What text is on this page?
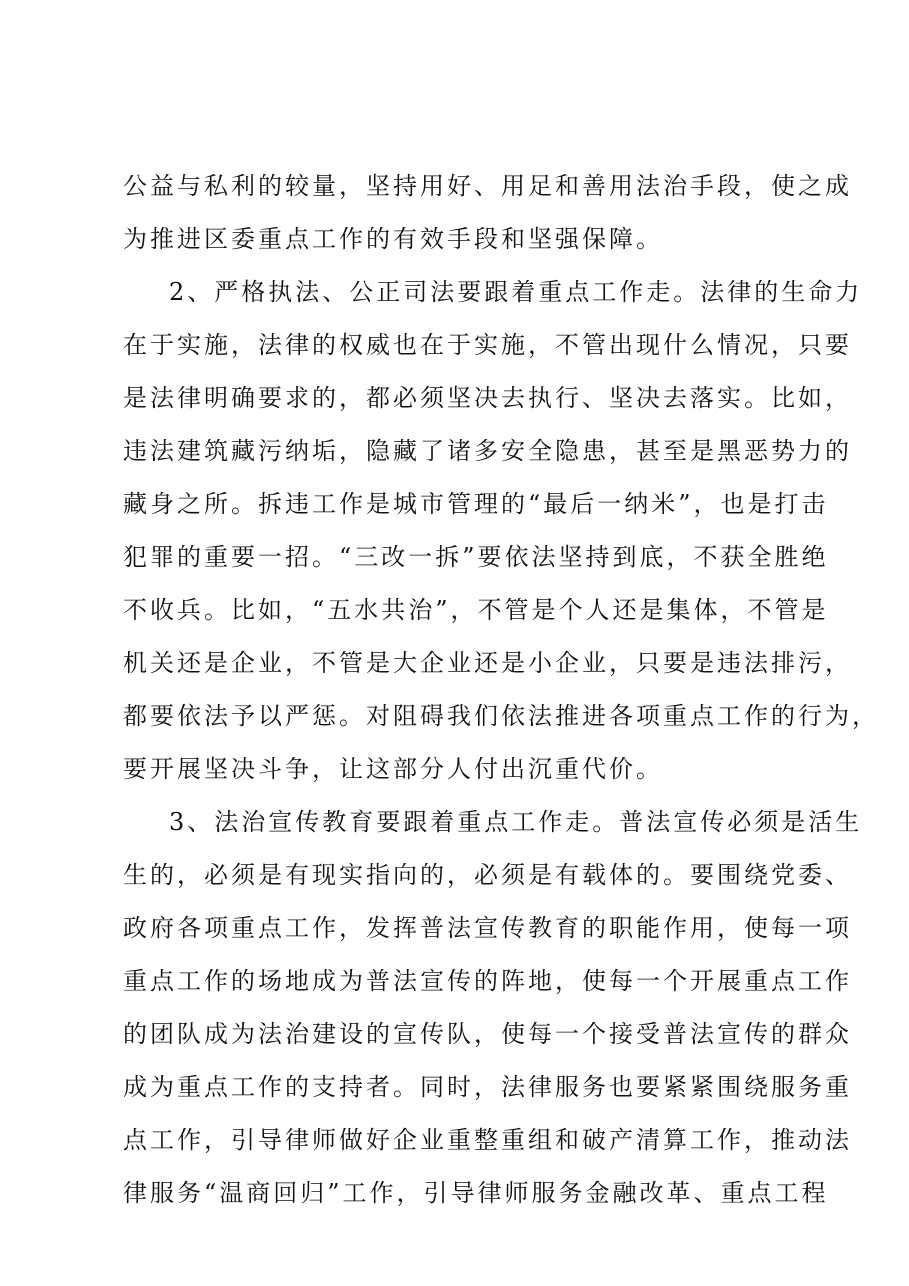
公益与私利的较量，坚持用好、用足和善用法治手段，使之成
为推进区委重点工作的有效手段和坚强保障。
2、严格执法、公正司法要跟着重点工作走。法律的生命力
在于实施，法律的权威也在于实施，不管出现什么情况，只要
是法律明确要求的，都必须坚决去执行、坚决去落实。比如，
违法建筑藏污纳垢，隐藏了诸多安全隐患，甚至是黑恶势力的
藏身之所。拆违工作是城市管理的“最后一纳米”，也是打击
犯罪的重要一招。“三改一拆”要依法坚持到底，不获全胜绝
不收兵。比如，“五水共治”，不管是个人还是集体，不管是
机关还是企业，不管是大企业还是小企业，只要是违法排污，
都要依法予以严惩。对阻碍我们依法推进各项重点工作的行为，
要开展坚决斗争，让这部分人付出沉重代价。
3、法治宣传教育要跟着重点工作走。普法宣传必须是活生
生的，必须是有现实指向的，必须是有载体的。要围绕党委、
政府各项重点工作，发挥普法宣传教育的职能作用，使每一项
重点工作的场地成为普法宣传的阵地，使每一个开展重点工作
的团队成为法治建设的宣传队，使每一个接受普法宣传的群众
成为重点工作的支持者。同时，法律服务也要紧紧围绕服务重
点工作，引导律师做好企业重整重组和破产清算工作，推动法
律服务“温商回归”工作，引导律师服务金融改革、重点工程
